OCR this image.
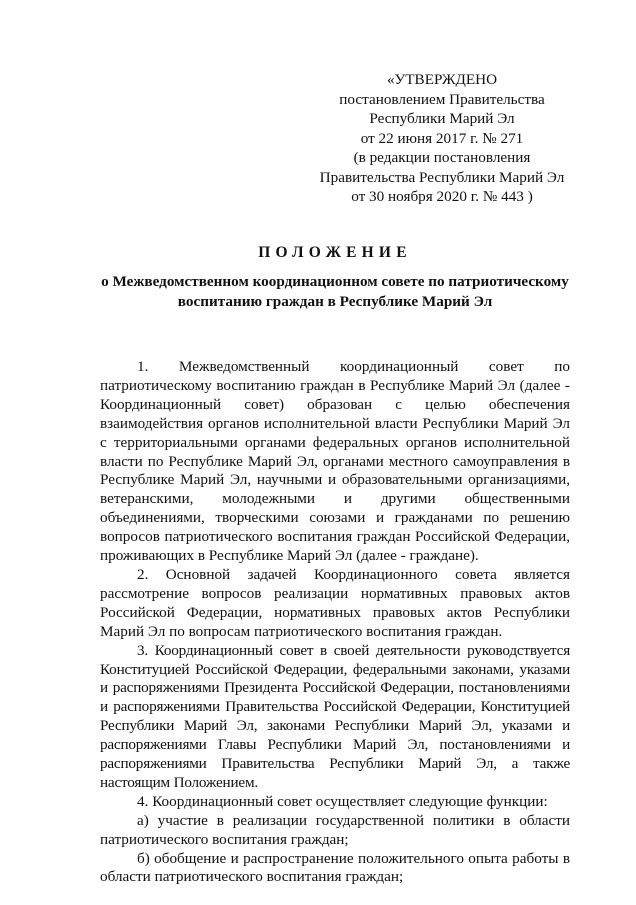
«УТВЕРЖДЕНО
постановлением Правительства
Республики Марий Эл
от 22 июня 2017 г. № 271
(в редакции постановления
Правительства Республики Марий Эл
от 30 ноября 2020 г. № 443 )
ПОЛОЖЕНИЕ
о Межведомственном координационном совете по патриотическому
воспитанию граждан в Республике Марий Эл

1. Межведомственный координационный совет по патриотическому воспитанию граждан в Республике Марий Эл (далее - Координационный совет) образован с целью обеспечения взаимодействия органов исполнительной власти Республики Марий Эл с территориальными органами федеральных органов исполнительной власти по Республике Марий Эл, органами местного самоуправления в Республике Марий Эл, научными и образовательными организациями, ветеранскими, молодежными и другими общественными объединениями, творческими союзами и гражданами по решению вопросов патриотического воспитания граждан Российской Федерации, проживающих в Республике Марий Эл (далее - граждане).

2. Основной задачей Координационного совета является рассмотрение вопросов реализации нормативных правовых актов Российской Федерации, нормативных правовых актов Республики Марий Эл по вопросам патриотического воспитания граждан.

3. Координационный совет в своей деятельности руководствуется Конституцией Российской Федерации, федеральными законами, указами и распоряжениями Президента Российской Федерации, постановлениями и распоряжениями Правительства Российской Федерации, Конституцией Республики Марий Эл, законами Республики Марий Эл, указами и распоряжениями Главы Республики Марий Эл, постановлениями и распоряжениями Правительства Республики Марий Эл, а также настоящим Положением.

4. Координационный совет осуществляет следующие функции:

а) участие в реализации государственной политики в области патриотического воспитания граждан;

б) обобщение и распространение положительного опыта работы в области патриотического воспитания граждан;
